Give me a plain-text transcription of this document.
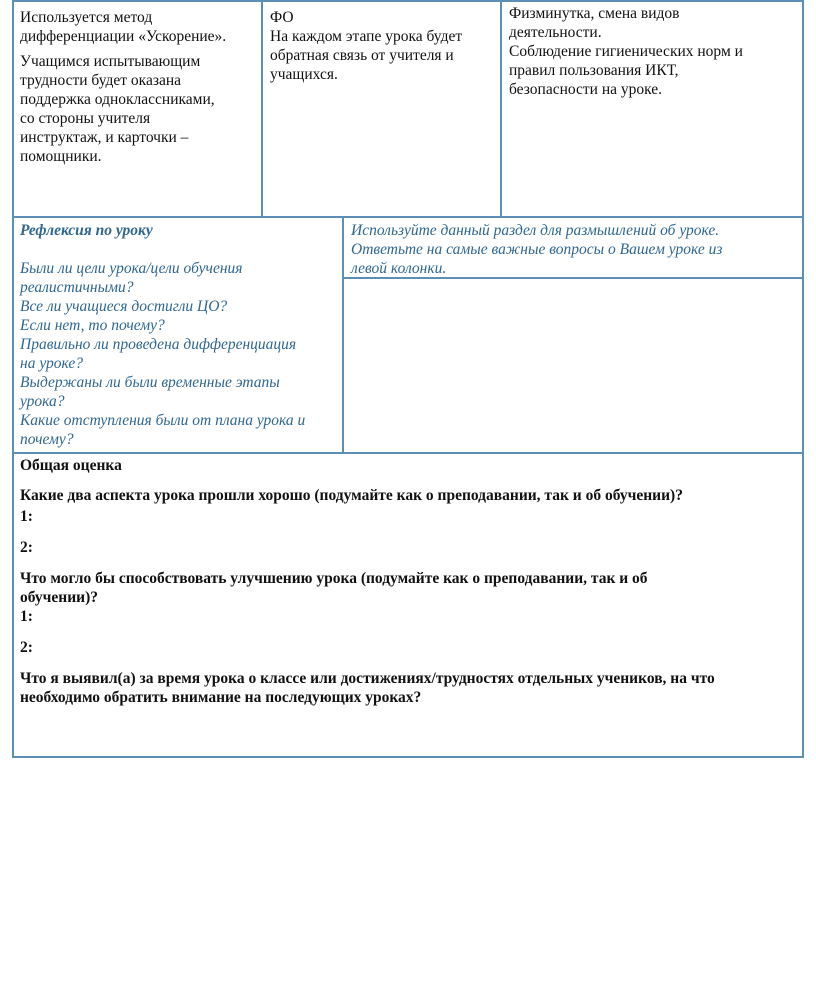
Используется метод

дифференциации «Ускорение».

Учащимся испытывающим

трудности будет оказана

поддержка одноклассниками,

со стороны учителя

инструктаж, и карточки –

помощники.

ФО

На каждом этапе урока будет

обратная связь от учителя и

учащихся.

Физминутка, смена видов

деятельности.

Соблюдение гигиенических норм и

правил пользования ИКТ,

безопасности на уроке.

Рефлексия по уроку

Были ли цели урока/цели обучения

реалистичными?

Все ли учащиеся достигли ЦО?

Если нет, то почему?

Правильно ли проведена дифференциация

на уроке?

Выдержаны ли были временные этапы

урока?

Какие отступления были от плана урока и

почему?

Используйте данный раздел для размышлений об уроке.

Ответьте на самые важные вопросы о Вашем уроке из

левой колонки.

Общая оценка

Какие два аспекта урока прошли хорошо (подумайте как о преподавании, так и об обучении)?

1:

2:

Что могло бы способствовать улучшению урока (подумайте как о преподавании, так и об

обучении)?

1:

2:

Что я выявил(а) за время урока о классе или достижениях/трудностях отдельных учеников, на что

необходимо обратить внимание на последующих уроках?
